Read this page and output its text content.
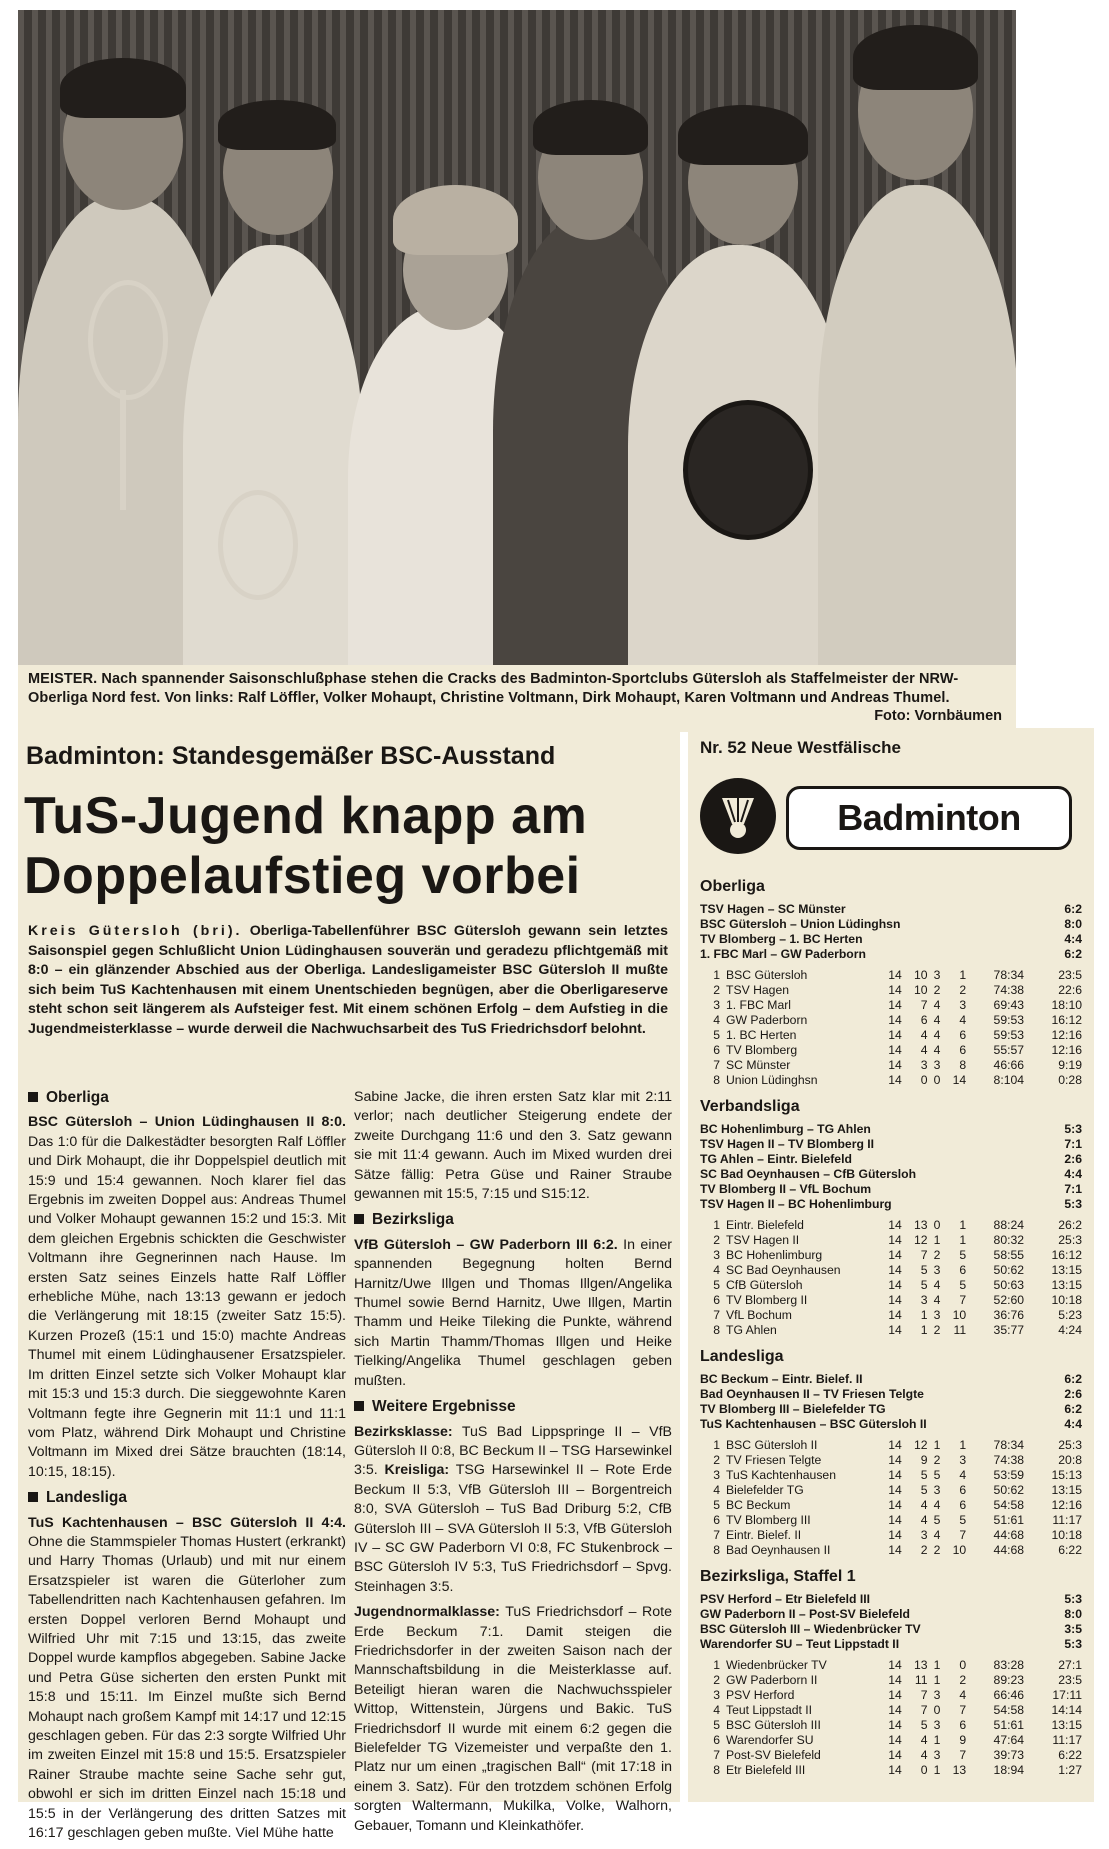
MEISTER. Nach spannender Saisonschlußphase stehen die Cracks des Badminton-Sportclubs Gütersloh als Staffelmeister der NRW-Oberliga Nord fest. Von links: Ralf Löffler, Volker Mohaupt, Christine Voltmann, Dirk Mohaupt, Karen Voltmann und Andreas Thumel.
Foto: Vornbäumen
Badminton: Standesgemäßer BSC-Ausstand
TuS-Jugend knapp am Doppelaufstieg vorbei
Kreis Gütersloh (bri). Oberliga-Tabellenführer BSC Gütersloh gewann sein letztes Saisonspiel gegen Schlußlicht Union Lüdinghausen souverän und geradezu pflichtgemäß mit 8:0 – ein glänzender Abschied aus der Oberliga. Landesligameister BSC Gütersloh II mußte sich beim TuS Kachtenhausen mit einem Unentschieden begnügen, aber die Oberligareserve steht schon seit längerem als Aufsteiger fest. Mit einem schönen Erfolg – dem Aufstieg in die Jugendmeisterklasse – wurde derweil die Nachwuchsarbeit des TuS Friedrichsdorf belohnt.
Oberliga
BSC Gütersloh – Union Lüdinghausen II 8:0. Das 1:0 für die Dalkestädter besorgten Ralf Löffler und Dirk Mohaupt, die ihr Doppelspiel deutlich mit 15:9 und 15:4 gewannen. Noch klarer fiel das Ergebnis im zweiten Doppel aus: Andreas Thumel und Volker Mohaupt gewannen 15:2 und 15:3. Mit dem gleichen Ergebnis schickten die Geschwister Voltmann ihre Gegnerinnen nach Hause. Im ersten Satz seines Einzels hatte Ralf Löffler erhebliche Mühe, nach 13:13 gewann er jedoch die Verlängerung mit 18:15 (zweiter Satz 15:5). Kurzen Prozeß (15:1 und 15:0) machte Andreas Thumel mit einem Lüdinghausener Ersatzspieler. Im dritten Einzel setzte sich Volker Mohaupt klar mit 15:3 und 15:3 durch. Die sieggewohnte Karen Voltmann fegte ihre Gegnerin mit 11:1 und 11:1 vom Platz, während Dirk Mohaupt und Christine Voltmann im Mixed drei Sätze brauchten (18:14, 10:15, 18:15).
Landesliga
TuS Kachtenhausen – BSC Gütersloh II 4:4. Ohne die Stammspieler Thomas Hustert (erkrankt) und Harry Thomas (Urlaub) und mit nur einem Ersatzspieler ist waren die Güterloher zum Tabellendritten nach Kachtenhausen gefahren. Im ersten Doppel verloren Bernd Mohaupt und Wilfried Uhr mit 7:15 und 13:15, das zweite Doppel wurde kampflos abgegeben. Sabine Jacke und Petra Güse sicherten den ersten Punkt mit 15:8 und 15:11. Im Einzel mußte sich Bernd Mohaupt nach großem Kampf mit 14:17 und 12:15 geschlagen geben. Für das 2:3 sorgte Wilfried Uhr im zweiten Einzel mit 15:8 und 15:5. Ersatzspieler Rainer Straube machte seine Sache sehr gut, obwohl er sich im dritten Einzel nach 15:18 und 15:5 in der Verlängerung des dritten Satzes mit 16:17 geschlagen geben mußte. Viel Mühe hatte
Sabine Jacke, die ihren ersten Satz klar mit 2:11 verlor; nach deutlicher Steigerung endete der zweite Durchgang 11:6 und den 3. Satz gewann sie mit 11:4 gewann. Auch im Mixed wurden drei Sätze fällig: Petra Güse und Rainer Straube gewannen mit 15:5, 7:15 und S15:12.
Bezirksliga
VfB Gütersloh – GW Paderborn III 6:2. In einer spannenden Begegnung holten Bernd Harnitz/Uwe Illgen und Thomas Illgen/Angelika Thumel sowie Bernd Harnitz, Uwe Illgen, Martin Thamm und Heike Tileking die Punkte, während sich Martin Thamm/Thomas Illgen und Heike Tielking/Angelika Thumel geschlagen geben mußten.
Weitere Ergebnisse
Bezirksklasse: TuS Bad Lippspringe II – VfB Gütersloh II 0:8, BC Beckum II – TSG Harsewinkel 3:5. Kreisliga: TSG Harsewinkel II – Rote Erde Beckum II 5:3, VfB Gütersloh III – Borgentreich 8:0, SVA Gütersloh – TuS Bad Driburg 5:2, CfB Gütersloh III – SVA Gütersloh II 5:3, VfB Gütersloh IV – SC GW Paderborn VI 0:8, FC Stukenbrock – BSC Gütersloh IV 5:3, TuS Friedrichsdorf – Spvg. Steinhagen 3:5.
Jugendnormalklasse: TuS Friedrichsdorf – Rote Erde Beckum 7:1. Damit steigen die Friedrichsdorfer in der zweiten Saison nach der Mannschaftsbildung in die Meisterklasse auf. Beteiligt hieran waren die Nachwuchsspieler Wittop, Wittenstein, Jürgens und Bakic. TuS Friedrichsdorf II wurde mit einem 6:2 gegen die Bielefelder TG Vizemeister und verpaßte den 1. Platz nur um einen „tragischen Ball“ (mit 17:18 in einem 3. Satz). Für den trotzdem schönen Erfolg sorgten Waltermann, Mukilka, Volke, Walhorn, Gebauer, Tomann und Kleinkathöfer.
Nr. 52 Neue Westfälische
Badminton
Oberliga
TSV Hagen – SC Münster	6:2
BSC Gütersloh – Union Lüdinghsn	8:0
TV Blomberg – 1. BC Herten	4:4
1. FBC Marl – GW Paderborn	6:2
1	BSC Gütersloh	14	10	3	1	78:34	23:5
2	TSV Hagen	14	10	2	2	74:38	22:6
3	1. FBC Marl	14	7	4	3	69:43	18:10
4	GW Paderborn	14	6	4	4	59:53	16:12
5	1. BC Herten	14	4	4	6	59:53	12:16
6	TV Blomberg	14	4	4	6	55:57	12:16
7	SC Münster	14	3	3	8	46:66	9:19
8	Union Lüdinghsn	14	0	0	14	8:104	0:28
Verbandsliga
BC Hohenlimburg – TG Ahlen	5:3
TSV Hagen II – TV Blomberg II	7:1
TG Ahlen – Eintr. Bielefeld	2:6
SC Bad Oeynhausen – CfB Gütersloh	4:4
TV Blomberg II – VfL Bochum	7:1
TSV Hagen II – BC Hohenlimburg	5:3
1	Eintr. Bielefeld	14	13	0	1	88:24	26:2
2	TSV Hagen II	14	12	1	1	80:32	25:3
3	BC Hohenlimburg	14	7	2	5	58:55	16:12
4	SC Bad Oeynhausen	14	5	3	6	50:62	13:15
5	CfB Gütersloh	14	5	4	5	50:63	13:15
6	TV Blomberg II	14	3	4	7	52:60	10:18
7	VfL Bochum	14	1	3	10	36:76	5:23
8	TG Ahlen	14	1	2	11	35:77	4:24
Landesliga
BC Beckum – Eintr. Bielef. II	6:2
Bad Oeynhausen II – TV Friesen Telgte	2:6
TV Blomberg III – Bielefelder TG	6:2
TuS Kachtenhausen – BSC Gütersloh II	4:4
1	BSC Gütersloh II	14	12	1	1	78:34	25:3
2	TV Friesen Telgte	14	9	2	3	74:38	20:8
3	TuS Kachtenhausen	14	5	5	4	53:59	15:13
4	Bielefelder TG	14	5	3	6	50:62	13:15
5	BC Beckum	14	4	4	6	54:58	12:16
6	TV Blomberg III	14	4	5	5	51:61	11:17
7	Eintr. Bielef. II	14	3	4	7	44:68	10:18
8	Bad Oeynhausen II	14	2	2	10	44:68	6:22
Bezirksliga, Staffel 1
PSV Herford – Etr Bielefeld III	5:3
GW Paderborn II – Post-SV Bielefeld	8:0
BSC Gütersloh III – Wiedenbrücker TV	3:5
Warendorfer SU – Teut Lippstadt II	5:3
1	Wiedenbrücker TV	14	13	1	0	83:28	27:1
2	GW Paderborn II	14	11	1	2	89:23	23:5
3	PSV Herford	14	7	3	4	66:46	17:11
4	Teut Lippstadt II	14	7	0	7	54:58	14:14
5	BSC Gütersloh III	14	5	3	6	51:61	13:15
6	Warendorfer SU	14	4	1	9	47:64	11:17
7	Post-SV Bielefeld	14	4	3	7	39:73	6:22
8	Etr Bielefeld III	14	0	1	13	18:94	1:27
